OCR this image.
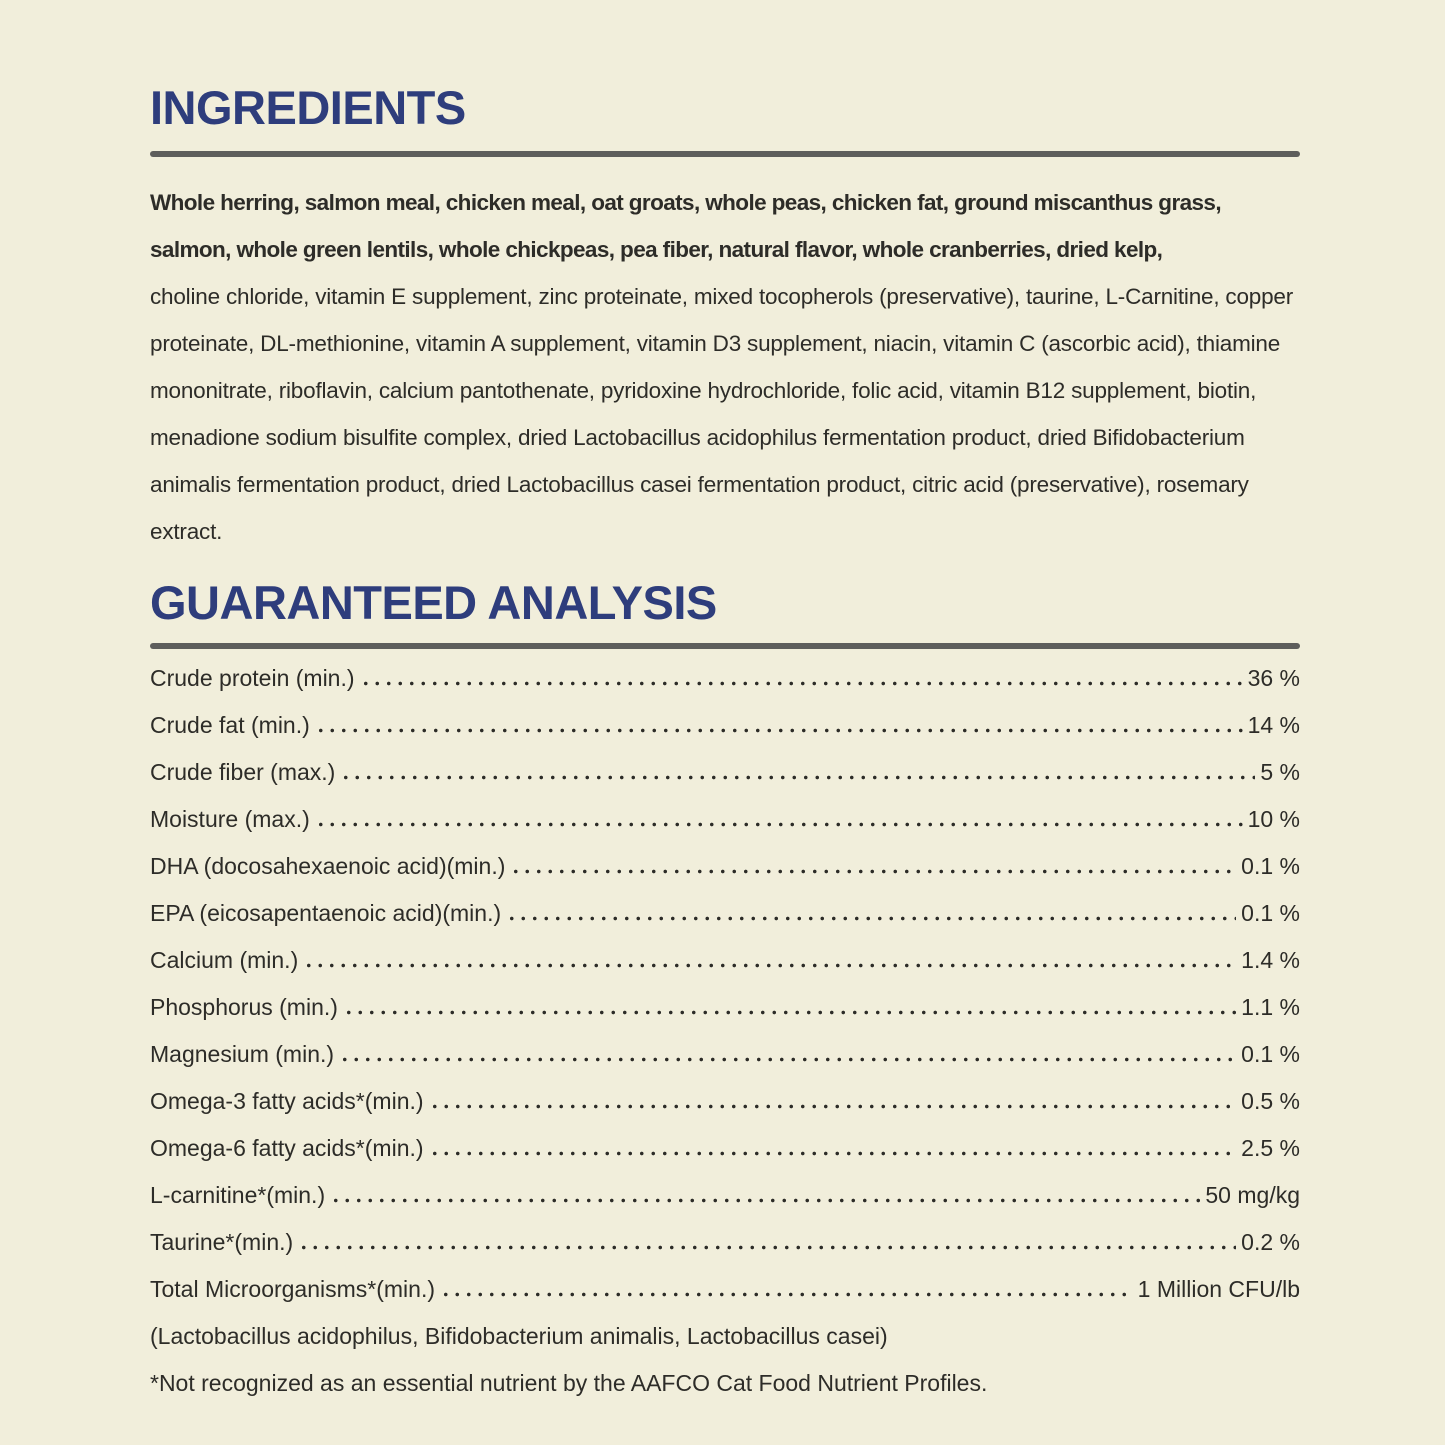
INGREDIENTS

Whole herring, salmon meal, chicken meal, oat groats, whole peas, chicken fat, ground miscanthus grass, salmon, whole green lentils, whole chickpeas, pea fiber, natural flavor, whole cranberries, dried kelp,
choline chloride, vitamin E supplement, zinc proteinate, mixed tocopherols (preservative), taurine, L-Carnitine, copper proteinate, DL-methionine, vitamin A supplement, vitamin D3 supplement, niacin, vitamin C (ascorbic acid), thiamine mononitrate, riboflavin, calcium pantothenate, pyridoxine hydrochloride, folic acid, vitamin B12 supplement, biotin, menadione sodium bisulfite complex, dried Lactobacillus acidophilus fermentation product, dried Bifidobacterium animalis fermentation product, dried Lactobacillus casei fermentation product, citric acid (preservative), rosemary extract.

GUARANTEED ANALYSIS
Crude protein (min.)	36 %
Crude fat (min.)	14 %
Crude fiber (max.)	5 %
Moisture (max.)	10 %
DHA (docosahexaenoic acid)(min.)	0.1 %
EPA (eicosapentaenoic acid)(min.)	0.1 %
Calcium (min.)	1.4 %
Phosphorus (min.)	1.1 %
Magnesium (min.)	0.1 %
Omega-3 fatty acids*(min.)	0.5 %
Omega-6 fatty acids*(min.)	2.5 %
L-carnitine*(min.)	50 mg/kg
Taurine*(min.)	0.2 %
Total Microorganisms*(min.)	1 Million CFU/lb

(Lactobacillus acidophilus, Bifidobacterium animalis, Lactobacillus casei)

*Not recognized as an essential nutrient by the AAFCO Cat Food Nutrient Profiles.
